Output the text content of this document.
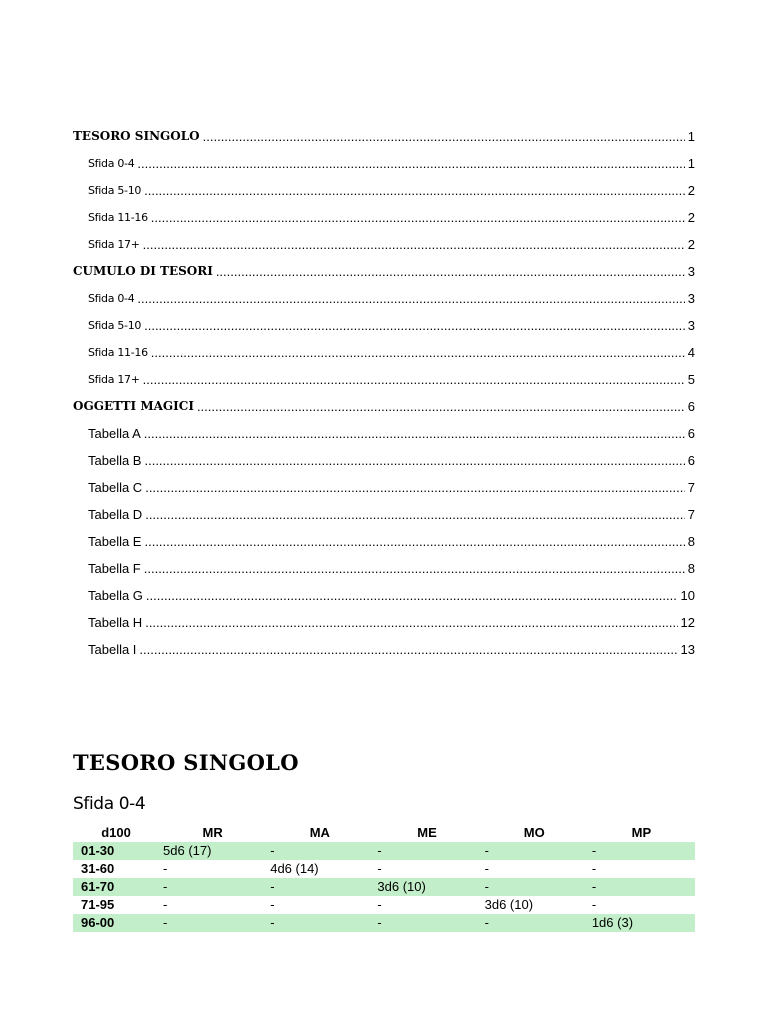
TESORO SINGOLO .....	1
Sfida 0-4 .....	1
Sfida 5-10 .....	2
Sfida 11-16 .....	2
Sfida 17+ .....	2
CUMULO DI TESORI .....	3
Sfida 0-4 .....	3
Sfida 5-10 .....	3
Sfida 11-16 .....	4
Sfida 17+ .....	5
OGGETTI MAGICI .....	6
Tabella A .....	6
Tabella B .....	6
Tabella C .....	7
Tabella D .....	7
Tabella E .....	8
Tabella F .....	8
Tabella G .....	10
Tabella H .....	12
Tabella I .....	13
TESORO SINGOLO
Sfida 0-4
d100	MR	MA	ME	MO	MP
01-30	5d6 (17)	-	-	-	-
31-60	-	4d6 (14)	-	-	-
61-70	-	-	3d6 (10)	-	-
71-95	-	-	-	3d6 (10)	-
96-00	-	-	-	-	1d6 (3)
